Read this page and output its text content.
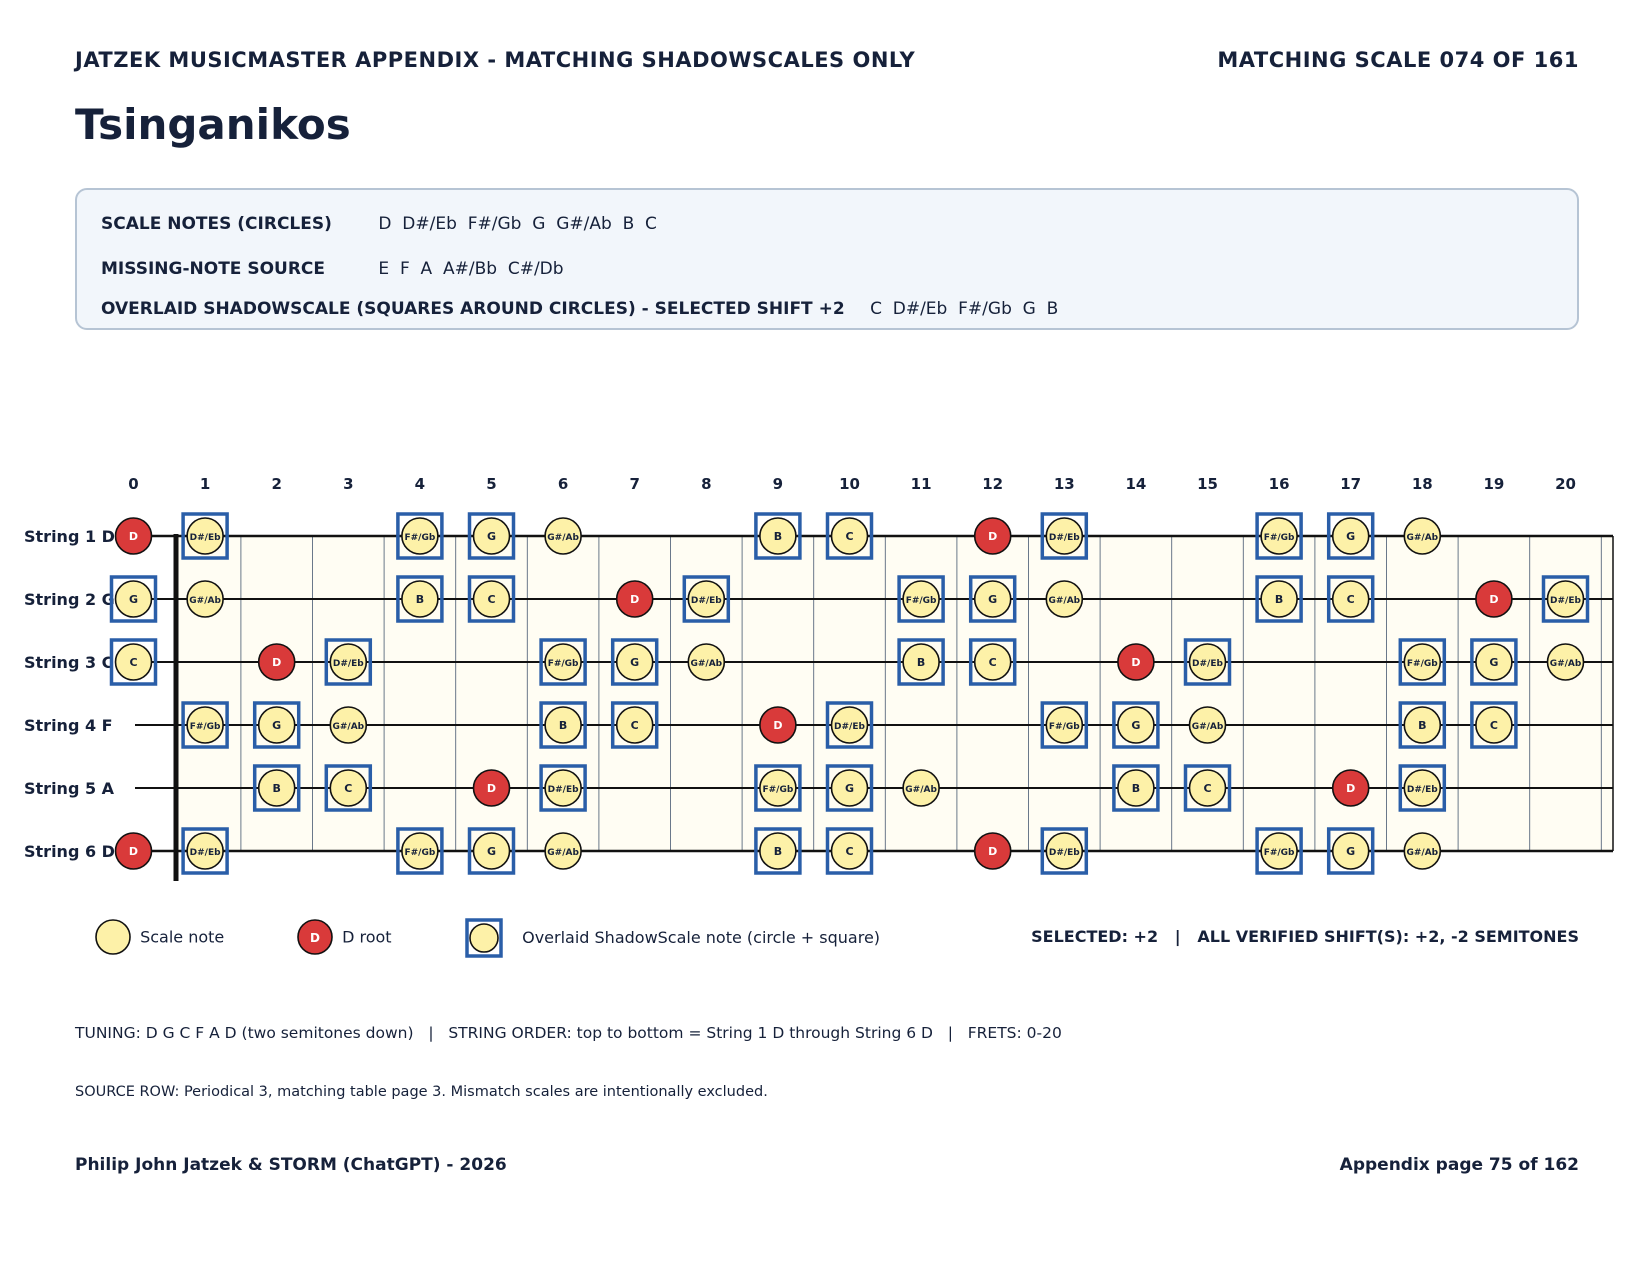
JATZEK MUSICMASTER APPENDIX - MATCHING SHADOWSCALES ONLY	MATCHING SCALE 074 OF 161
Tsinganikos
SCALE NOTES (CIRCLES)	D  D#/Eb  F#/Gb  G  G#/Ab  B  C
MISSING-NOTE SOURCE	E  F  A  A#/Bb  C#/Db
OVERLAID SHADOWSCALE (SQUARES AROUND CIRCLES) - SELECTED SHIFT +2 C  D#/Eb  F#/Gb  G  B
0	1	2	3	4	5	6	7	8	9	10	11	12	13	14	15	16	17	18	19	20
String 1 D
String 2 G
String 3 C
String 4 F
String 5 A
String 6 D
D	D#/Eb	F#/Gb	G	G#/Ab	B	C	D	D#/Eb	F#/Gb	G	G#/Ab
G	G#/Ab	B	C	D	D#/Eb	F#/Gb	G	G#/Ab	B	C	D	D#/Eb
C	D	D#/Eb	F#/Gb	G	G#/Ab	B	C	D	D#/Eb	F#/Gb	G	G#/Ab
F#/Gb	G	G#/Ab	B	C	D	D#/Eb	F#/Gb	G	G#/Ab	B	C
B	C	D	D#/Eb	F#/Gb	G	G#/Ab	B	C	D	D#/Eb
D	D#/Eb	F#/Gb	G	G#/Ab	B	C	D	D#/Eb	F#/Gb	G	G#/Ab
Scale note	D D root	Overlaid ShadowScale note (circle + square)	SELECTED: +2   |   ALL VERIFIED SHIFT(S): +2, -2 SEMITONES
TUNING: D G C F A D (two semitones down)   |   STRING ORDER: top to bottom = String 1 D through String 6 D   |   FRETS: 0-20
SOURCE ROW: Periodical 3, matching table page 3. Mismatch scales are intentionally excluded.
Philip John Jatzek & STORM (ChatGPT) - 2026	Appendix page 75 of 162
